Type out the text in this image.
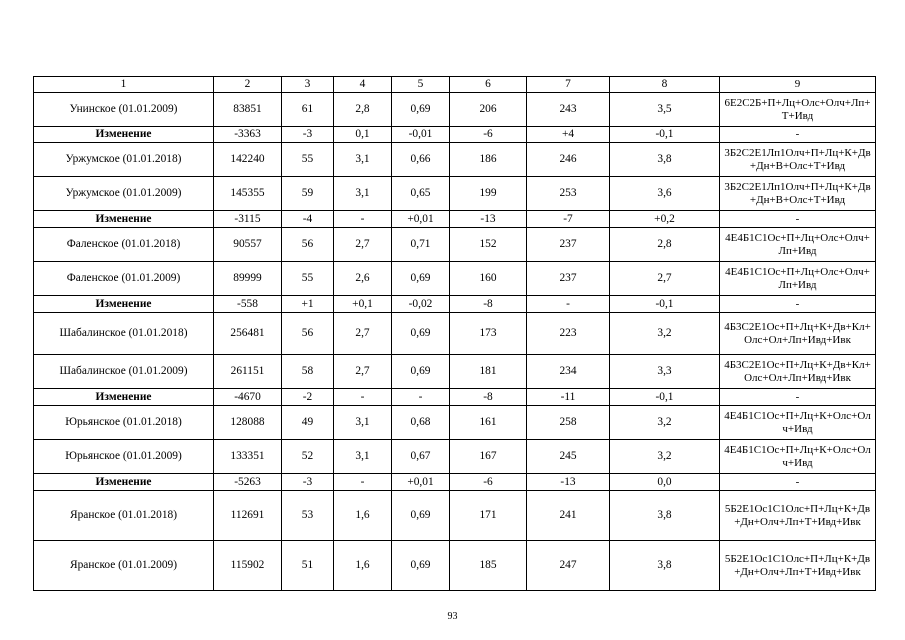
1	2	3	4	5	6	7	8	9
Унинское (01.01.2009)	83851	61	2,8	0,69	206	243	3,5	6Е2С2Б+П+Лц+Олс+Олч+Лп+Т+Ивд
Изменение	-3363	-3	0,1	-0,01	-6	+4	-0,1	-
Уржумское (01.01.2018)	142240	55	3,1	0,66	186	246	3,8	3Б2С2Е1Лп1Олч+П+Лц+К+Дв+Дн+В+Олс+Т+Ивд
Уржумское (01.01.2009)	145355	59	3,1	0,65	199	253	3,6	3Б2С2Е1Лп1Олч+П+Лц+К+Дв+Дн+В+Олс+Т+Ивд
Изменение	-3115	-4	-	+0,01	-13	-7	+0,2	-
Фаленское (01.01.2018)	90557	56	2,7	0,71	152	237	2,8	4Е4Б1С1Ос+П+Лц+Олс+Олч+Лп+Ивд
Фаленское (01.01.2009)	89999	55	2,6	0,69	160	237	2,7	4Е4Б1С1Ос+П+Лц+Олс+Олч+Лп+Ивд
Изменение	-558	+1	+0,1	-0,02	-8	-	-0,1	-
Шабалинское (01.01.2018)	256481	56	2,7	0,69	173	223	3,2	4Б3С2Е1Ос+П+Лц+К+Дв+Кл+Олс+Ол+Лп+Ивд+Ивк
Шабалинское (01.01.2009)	261151	58	2,7	0,69	181	234	3,3	4Б3С2Е1Ос+П+Лц+К+Дв+Кл+Олс+Ол+Лп+Ивд+Ивк
Изменение	-4670	-2	-	-	-8	-11	-0,1	-
Юрьянское (01.01.2018)	128088	49	3,1	0,68	161	258	3,2	4Е4Б1С1Ос+П+Лц+К+Олс+Олч+Ивд
Юрьянское (01.01.2009)	133351	52	3,1	0,67	167	245	3,2	4Е4Б1С1Ос+П+Лц+К+Олс+Олч+Ивд
Изменение	-5263	-3	-	+0,01	-6	-13	0,0	-
Яранское (01.01.2018)	112691	53	1,6	0,69	171	241	3,8	5Б2Е1Ос1С1Олс+П+Лц+К+Дв+Дн+Олч+Лп+Т+Ивд+Ивк
Яранское (01.01.2009)	115902	51	1,6	0,69	185	247	3,8	5Б2Е1Ос1С1Олс+П+Лц+К+Дв+Дн+Олч+Лп+Т+Ивд+Ивк
93
